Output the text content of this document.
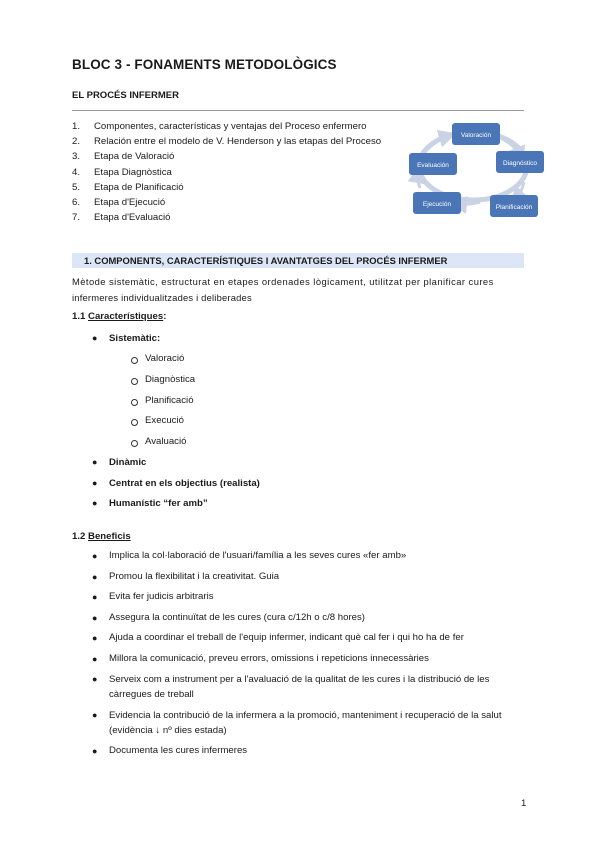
BLOC 3 - FONAMENTS METODOLÒGICS
EL PROCÉS INFERMER
1. Componentes, características y ventajas del Proceso enfermero
2. Relación entre el modelo de V. Henderson y las etapas del Proceso
3. Etapa de Valoració
4. Etapa Diagnòstica
5. Etapa de Planificació
6. Etapa d'Ejecució
7. Etapa d'Evaluació
Valoración
Diagnóstico
Planificación
Ejecución
Evaluación
1. COMPONENTS, CARACTERÍSTIQUES I AVANTATGES DEL PROCÉS INFERMER
Mètode sistemàtic, estructurat en etapes ordenades lògicament, utilitzat per planificar cures
infermeres individualitzades i deliberades
1.1 Característiques:
● Sistemàtic:
Valoració
Diagnòstica
Planificació
Execució
Avaluació
● Dinàmic
● Centrat en els objectius (realista)
● Humanístic “fer amb”
1.2 Beneficis
● Implica la col·laboració de l'usuari/família a les seves cures «fer amb»
● Promou la flexibilitat i la creativitat. Guia
● Evita fer judicis arbitraris
● Assegura la continuïtat de les cures (cura c/12h o c/8 hores)
● Ajuda a coordinar el treball de l'equip infermer, indicant què cal fer i qui ho ha de fer
● Millora la comunicació, preveu errors, omissions i repeticions innecessàries
● Serveix com a instrument per a l'avaluació de la qualitat de les cures i la distribució de les càrregues de treball
● Evidencia la contribució de la infermera a la promoció, manteniment i recuperació de la salut (evidència ↓ nº dies estada)
● Documenta les cures infermeres
1
